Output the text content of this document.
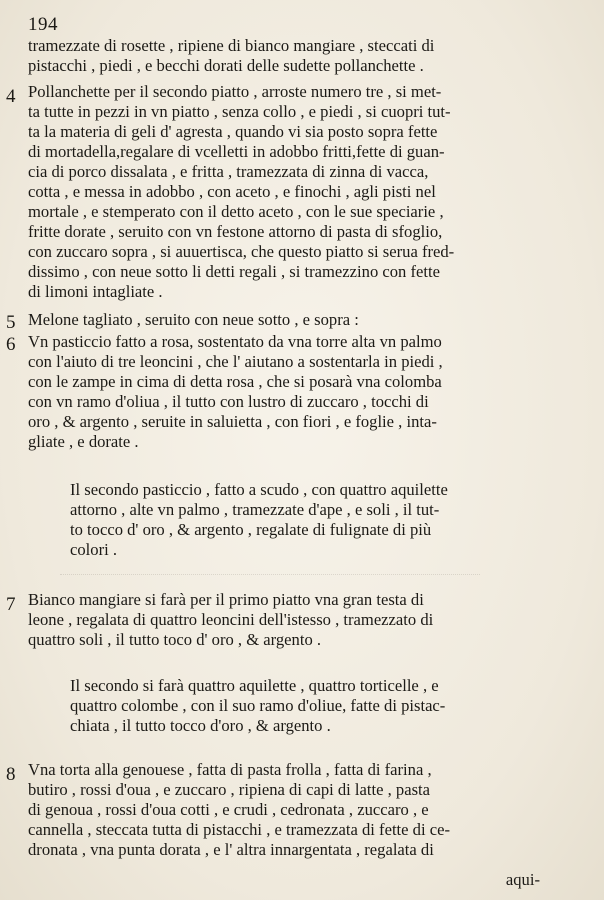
194
tramezzate di rosette , ripiene di bianco mangiare , steccati di
pistacchi , piedi , e becchi dorati delle sudette pollanchette .
4 Pollanchette per il secondo piatto , arroste numero tre , si met-
ta tutte in pezzi in vn piatto , senza collo , e piedi , si cuopri tut-
ta la materia di geli d' agresta , quando vi sia posto sopra fette
di mortadella,regalare di vcelletti in adobbo fritti,fette di guan-
cia di porco dissalata , e fritta , tramezzata di zinna di vacca,
cotta , e messa in adobbo , con aceto , e finochi , agli pisti nel
mortale , e stemperato con il detto aceto , con le sue speciarie ,
fritte dorate , seruito con vn festone attorno di pasta di sfoglio,
con zuccaro sopra , si auuertisca, che questo piatto si serua fred-
dissimo , con neue sotto li detti regali , si tramezzino con fette
di limoni intagliate .
5 Melone tagliato , seruito con neue sotto , e sopra :
6 Vn pasticcio fatto a rosa, sostentato da vna torre alta vn palmo
con l'aiuto di tre leoncini , che l' aiutano a sostentarla in piedi ,
con le zampe in cima di detta rosa , che si posarà vna colomba
con vn ramo d'oliua , il tutto con lustro di zuccaro , tocchi di
oro , & argento , seruite in saluietta , con fiori , e foglie , inta-
gliate , e dorate .
Il secondo pasticcio , fatto a scudo , con quattro aquilette
attorno , alte vn palmo , tramezzate d'ape , e soli , il tut-
to tocco d' oro , & argento , regalate di fulignate di più
colori .
7 Bianco mangiare si farà per il primo piatto vna gran testa di
leone , regalata di quattro leoncini dell'istesso , tramezzato di
quattro soli , il tutto toco d' oro , & argento .
Il secondo si farà quattro aquilette , quattro torticelle , e
quattro colombe , con il suo ramo d'oliue, fatte di pistac-
chiata , il tutto tocco d'oro , & argento .
8 Vna torta alla genouese , fatta di pasta frolla , fatta di farina ,
butiro , rossi d'oua , e zuccaro , ripiena di capi di latte , pasta
di genoua , rossi d'oua cotti , e crudi , cedronata , zuccaro , e
cannella , steccata tutta di pistacchi , e tramezzata di fette di ce-
dronata , vna punta dorata , e l' altra innargentata , regalata di
aqui-
